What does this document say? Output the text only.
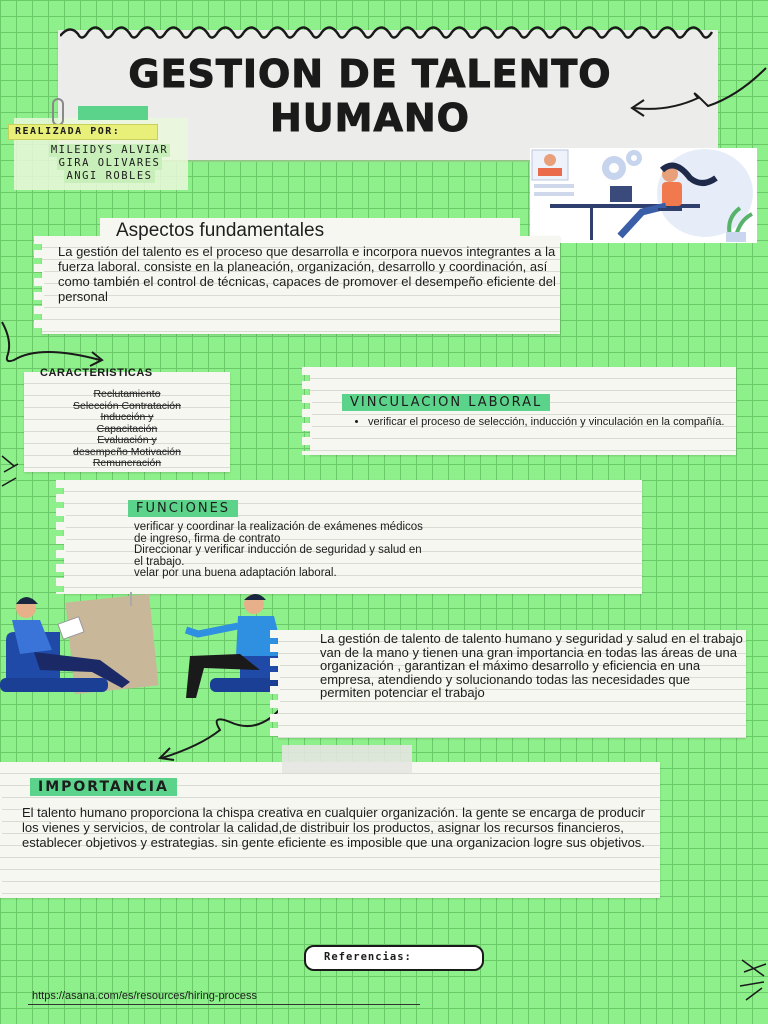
GESTION DE TALENTO HUMANO
REALIZADA POR:
MILEIDYS ALVIAR
GIRA OLIVARES
ANGI ROBLES

La gestión del talento es el proceso que desarrolla e incorpora nuevos integrantes a la fuerza laboral. consiste en la planeación, organización, desarrollo y coordinación, así como también el control de técnicas, capaces de promover el desempeño eficiente del personal

Aspectos fundamentales
CARACTERISTICAS
Reclutamiento
Selección Contratación
Inducción y
Capacitación
Evaluación y
desempeño Motivación
Remuneración
VINCULACION LABORAL
• verificar el proceso de selección, inducción y vinculación en la compañía.
FUNCIONES
verificar y coordinar la realización de exámenes médicos
de ingreso, firma de contrato
Direccionar y verificar inducción de seguridad y salud en
el trabajo.
velar por una buena adaptación laboral.

La gestión de talento de talento humano y seguridad y salud en el trabajo van de la mano y tienen una gran importancia en todas las áreas de una organización , garantizan el máximo desarrollo y eficiencia en una empresa, atendiendo y solucionando todas las necesidades que permiten potenciar el trabajo

IMPORTANCIA

El talento humano proporciona la chispa creativa en cualquier organización. la gente se encarga de producir los vienes y servicios, de controlar la calidad,de distribuir los productos, asignar los recursos financieros, establecer objetivos y estrategias. sin gente eficiente es imposible que una organizacion logre sus objetivos.

Referencias:
https://asana.com/es/resources/hiring-process
